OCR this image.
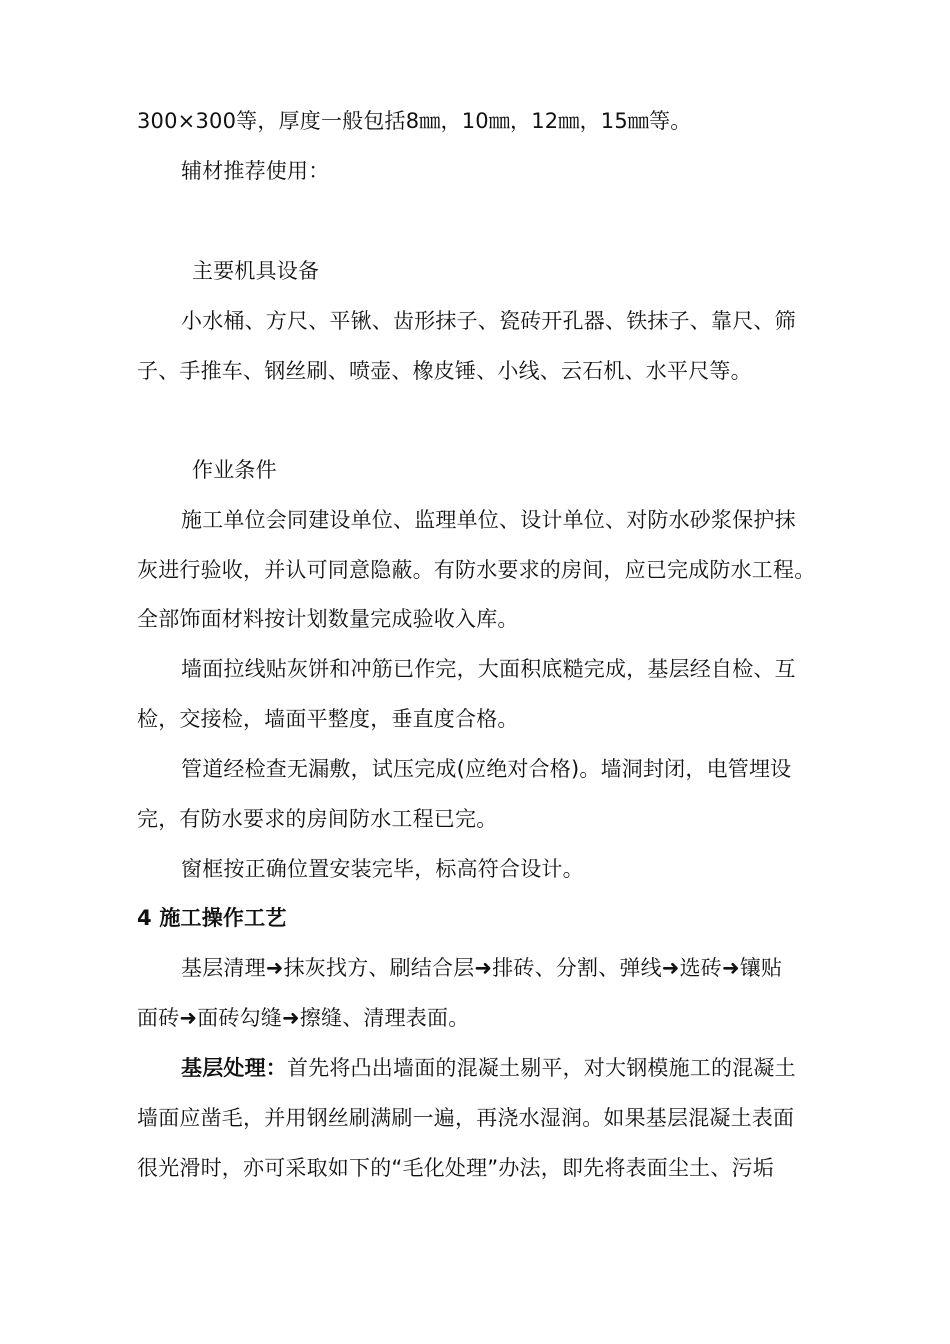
300×300等，厚度一般包括8㎜，10㎜，12㎜，15㎜等。
辅材推荐使用：
主要机具设备
小水桶、方尺、平锹、齿形抹子、瓷砖开孔器、铁抹子、靠尺、筛
子、手推车、钢丝刷、喷壶、橡皮锤、小线、云石机、水平尺等。
作业条件
施工单位会同建设单位、监理单位、设计单位、对防水砂浆保护抹
灰进行验收，并认可同意隐蔽。有防水要求的房间，应已完成防水工程。
全部饰面材料按计划数量完成验收入库。
墙面拉线贴灰饼和冲筋已作完，大面积底糙完成，基层经自检、互
检，交接检，墙面平整度，垂直度合格。
管道经检查无漏敷，试压完成(应绝对合格)。墙洞封闭，电管埋设
完，有防水要求的房间防水工程已完。
窗框按正确位置安装完毕，标高符合设计。
4 施工操作工艺
基层清理➜抹灰找方、刷结合层➜排砖、分割、弹线➜选砖➜镶贴
面砖➜面砖勾缝➜擦缝、清理表面。
基层处理：首先将凸出墙面的混凝土剔平，对大钢模施工的混凝土
墙面应凿毛，并用钢丝刷满刷一遍，再浇水湿润。如果基层混凝土表面
很光滑时，亦可采取如下的“毛化处理”办法，即先将表面尘土、污垢
